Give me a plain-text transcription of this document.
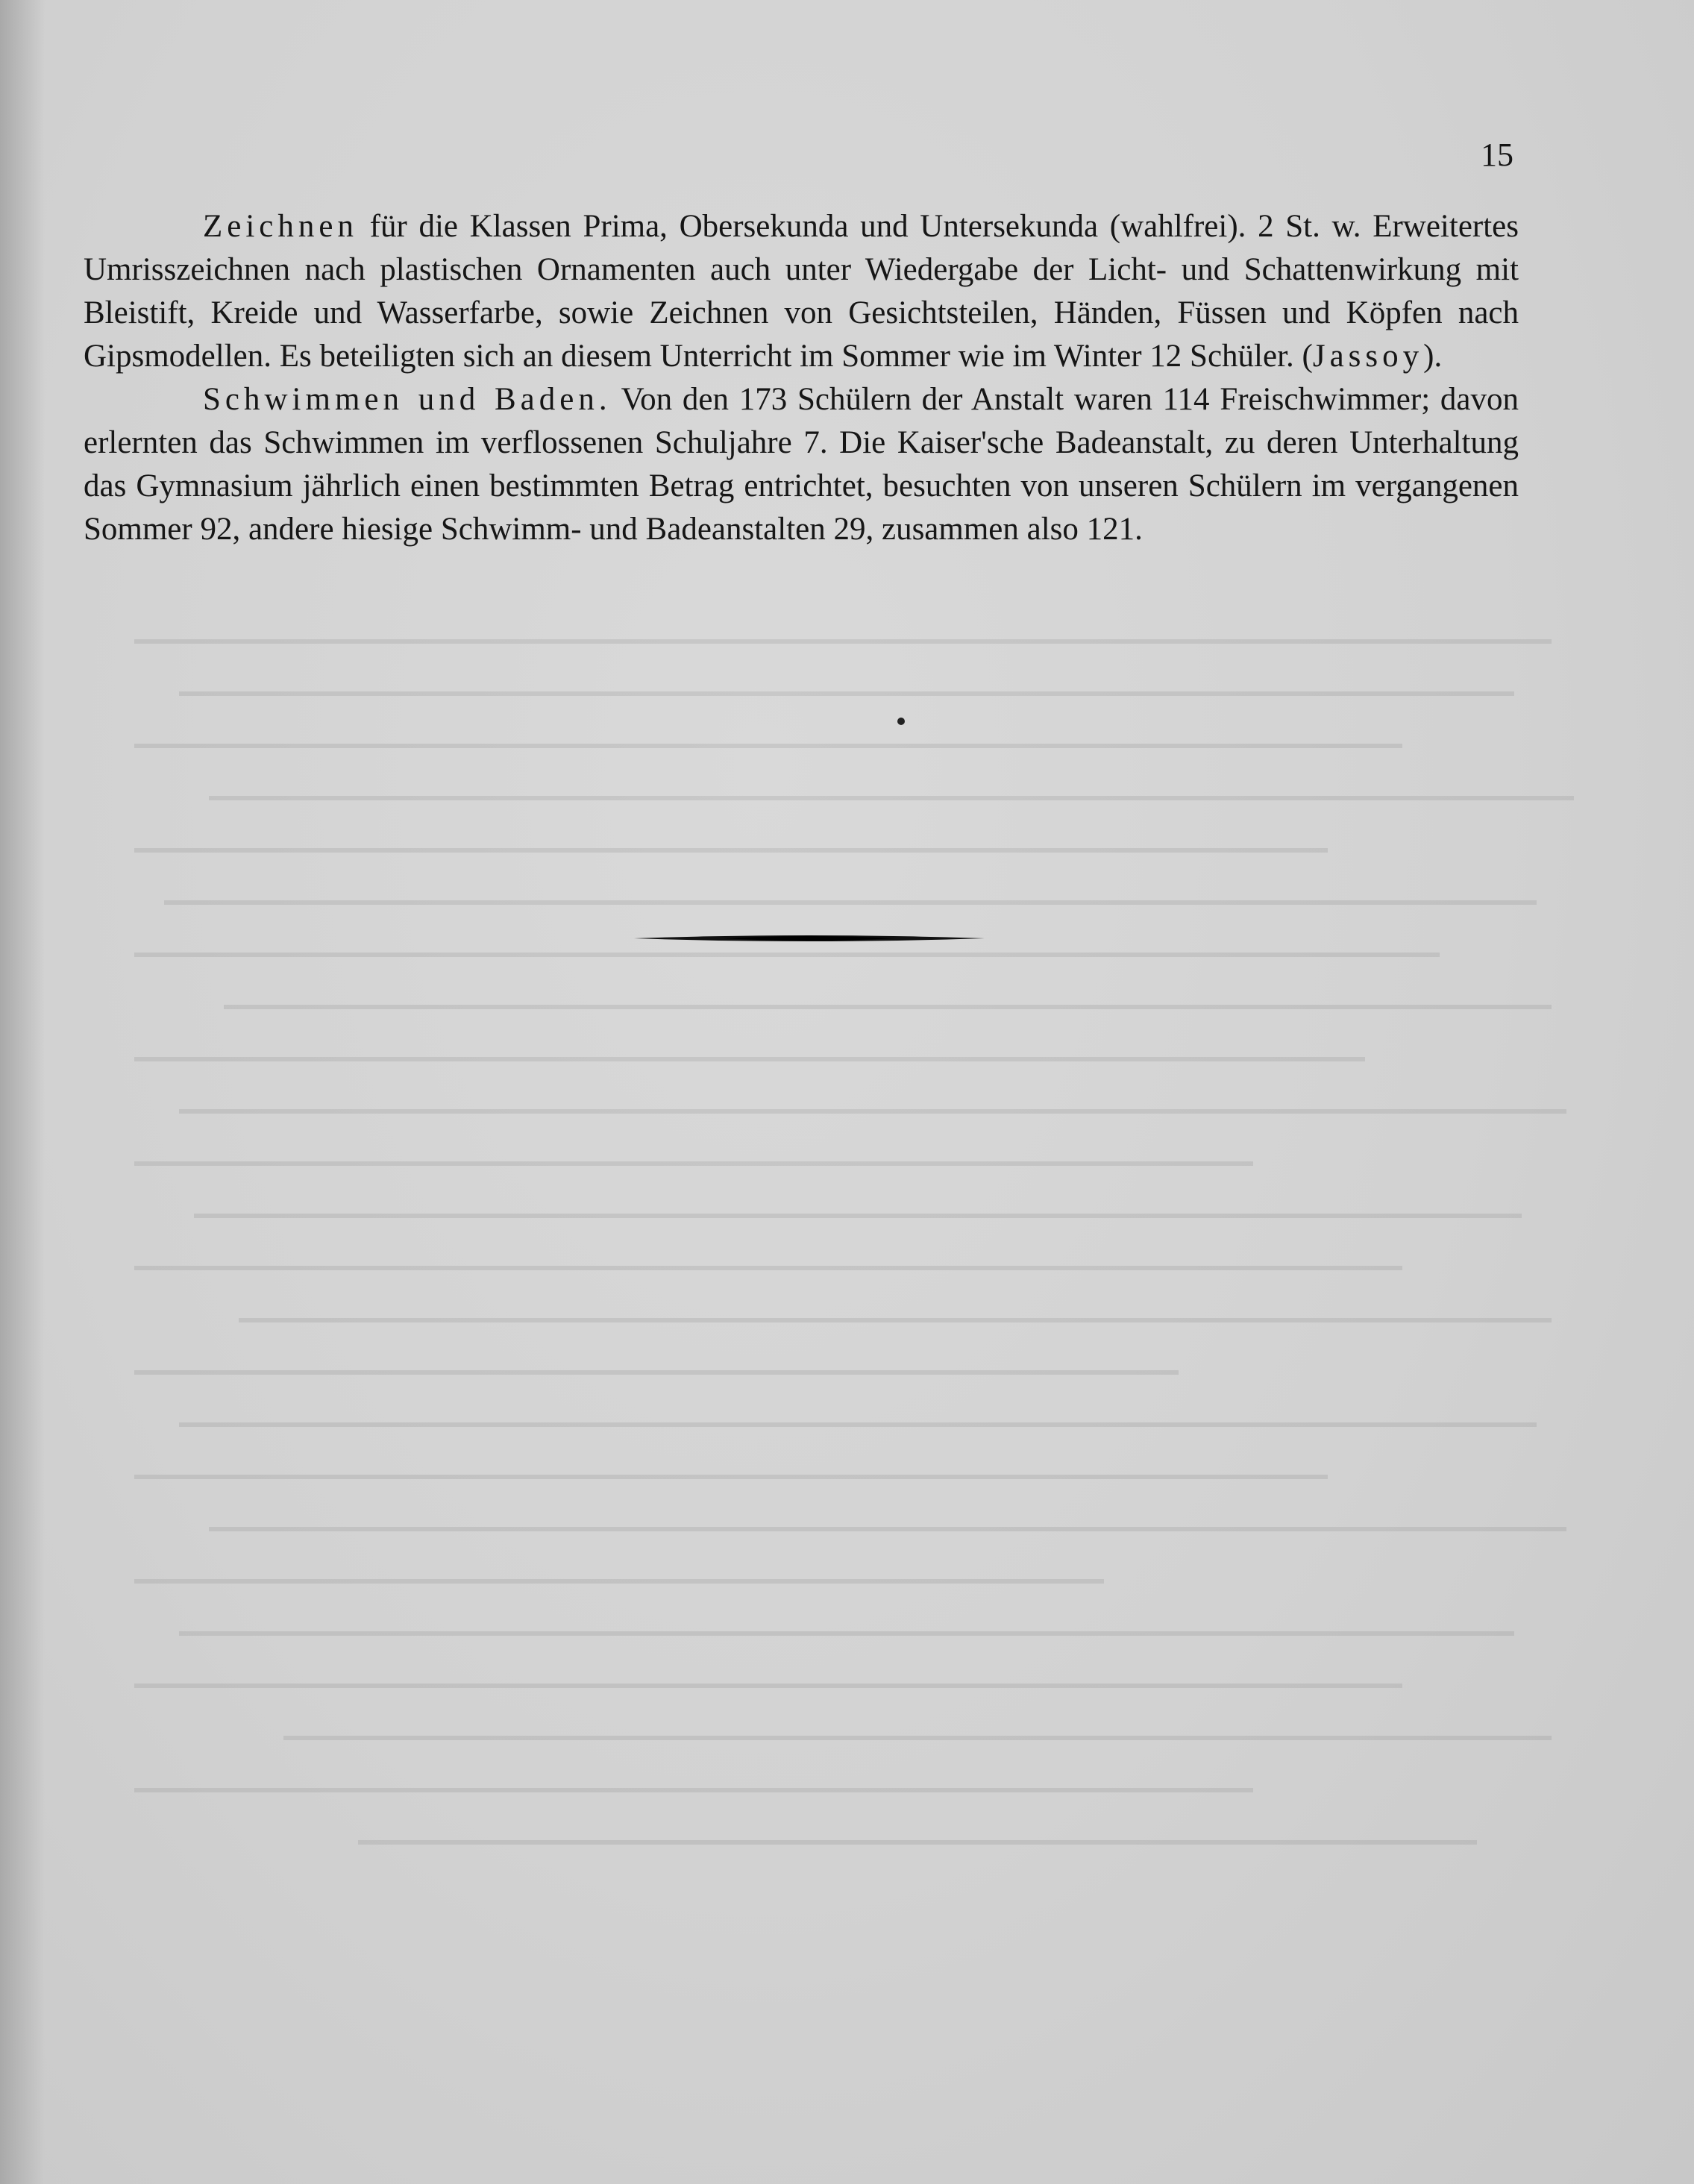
15

Zeichnen für die Klassen Prima, Obersekunda und Untersekunda (wahlfrei). 2 St. w. Erweitertes Umrisszeichnen nach plastischen Ornamenten auch unter Wiedergabe der Licht- und Schattenwirkung mit Bleistift, Kreide und Wasserfarbe, sowie Zeichnen von Gesichtsteilen, Händen, Füssen und Köpfen nach Gipsmodellen. Es beteiligten sich an diesem Unterricht im Sommer wie im Winter 12 Schüler. (Jassoy).

Schwimmen und Baden. Von den 173 Schülern der Anstalt waren 114 Freischwimmer; davon erlernten das Schwimmen im verflossenen Schuljahre 7. Die Kaiser'sche Badeanstalt, zu deren Unterhaltung das Gymnasium jährlich einen bestimmten Betrag entrichtet, besuchten von unseren Schülern im vergangenen Sommer 92, andere hiesige Schwimm- und Badeanstalten 29, zusammen also 121.
